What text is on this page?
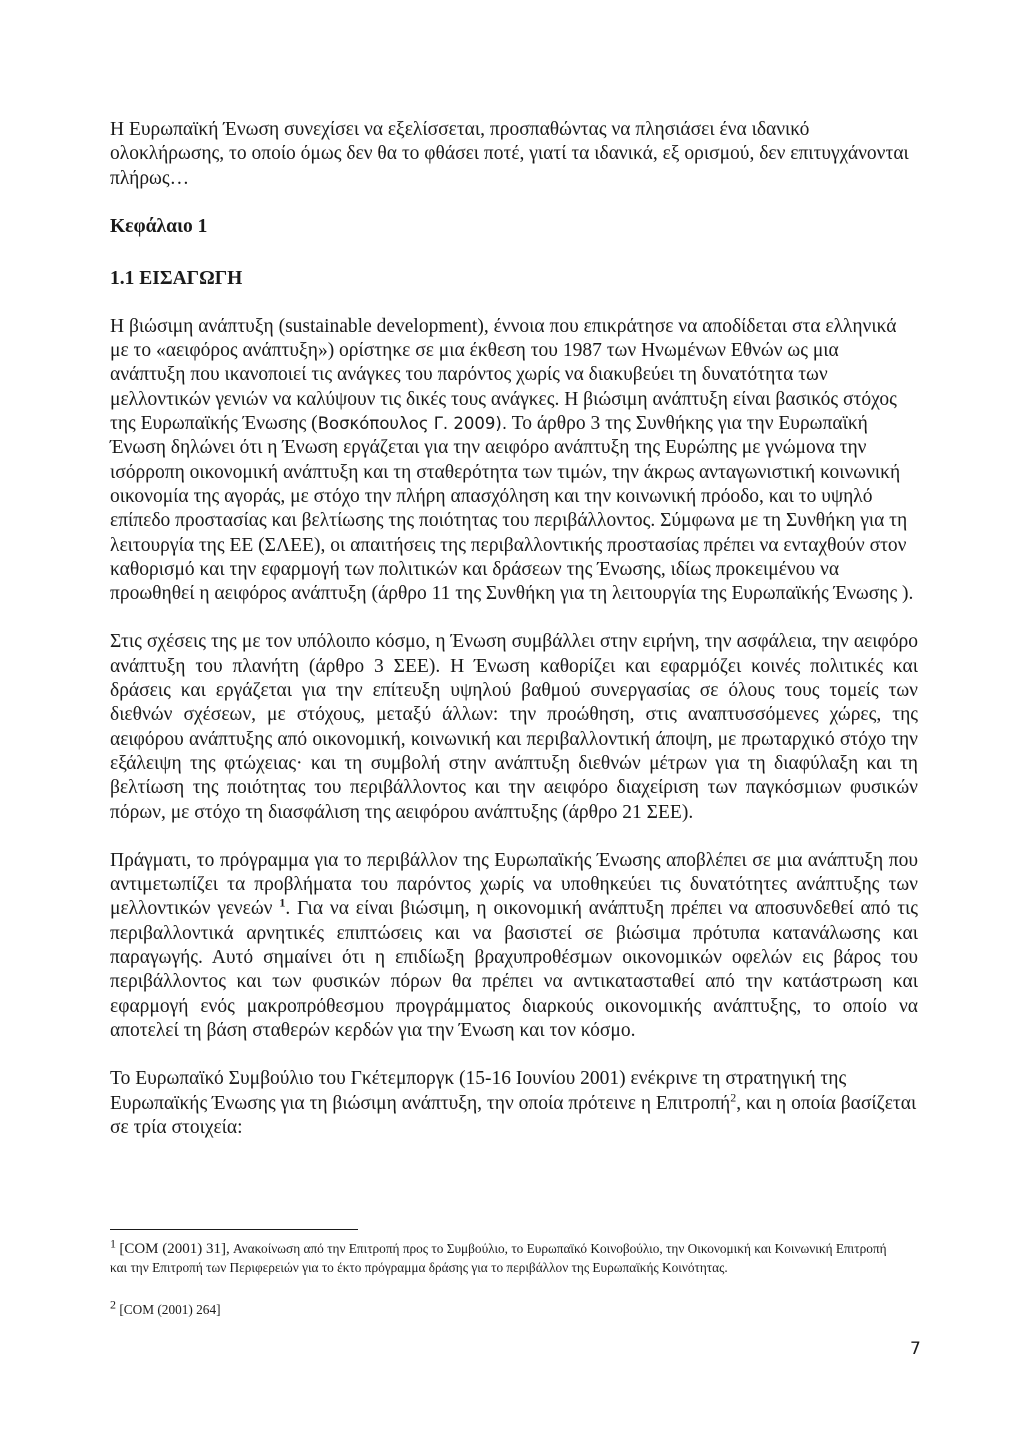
Η Ευρωπαϊκή Ένωση συνεχίσει να εξελίσσεται, προσπαθώντας να πλησιάσει ένα ιδανικό ολοκλήρωσης, το οποίο όμως δεν θα το φθάσει ποτέ, γιατί τα ιδανικά, εξ ορισμού, δεν επιτυγχάνονται πλήρως…

Κεφάλαιο 1

1.1 ΕΙΣΑΓΩΓΗ

Η βιώσιμη ανάπτυξη (sustainable development), έννοια που επικράτησε να αποδίδεται στα ελληνικά με το «αειφόρος ανάπτυξη») ορίστηκε σε μια έκθεση του 1987 των Ηνωμένων Εθνών ως μια ανάπτυξη που ικανοποιεί τις ανάγκες του παρόντος χωρίς να διακυβεύει τη δυνατότητα των μελλοντικών γενιών να καλύψουν τις δικές τους ανάγκες. Η βιώσιμη ανάπτυξη είναι βασικός στόχος της Ευρωπαϊκής Ένωσης (Βοσκόπουλος Γ. 2009). Το άρθρο 3 της Συνθήκης για την Ευρωπαϊκή Ένωση δηλώνει ότι η Ένωση εργάζεται για την αειφόρο ανάπτυξη της Ευρώπης με γνώμονα την ισόρροπη οικονομική ανάπτυξη και τη σταθερότητα των τιμών, την άκρως ανταγωνιστική κοινωνική οικονομία της αγοράς, με στόχο την πλήρη απασχόληση και την κοινωνική πρόοδο, και το υψηλό επίπεδο προστασίας και βελτίωσης της ποιότητας του περιβάλλοντος. Σύμφωνα με τη Συνθήκη για τη λειτουργία της ΕΕ (ΣΛΕΕ), οι απαιτήσεις της περιβαλλοντικής προστασίας πρέπει να ενταχθούν στον καθορισμό και την εφαρμογή των πολιτικών και δράσεων της Ένωσης, ιδίως προκειμένου να προωθηθεί η αειφόρος ανάπτυξη (άρθρο 11 της Συνθήκη για τη λειτουργία της Ευρωπαϊκής Ένωσης ).

Στις σχέσεις της με τον υπόλοιπο κόσμο, η Ένωση συμβάλλει στην ειρήνη, την ασφάλεια, την αειφόρο ανάπτυξη του πλανήτη (άρθρο 3 ΣΕΕ). Η Ένωση καθορίζει και εφαρμόζει κοινές πολιτικές και δράσεις και εργάζεται για την επίτευξη υψηλού βαθμού συνεργασίας σε όλους τους τομείς των διεθνών σχέσεων, με στόχους, μεταξύ άλλων: την προώθηση, στις αναπτυσσόμενες χώρες, της αειφόρου ανάπτυξης από οικονομική, κοινωνική και περιβαλλοντική άποψη, με πρωταρχικό στόχο την εξάλειψη της φτώχειας· και τη συμβολή στην ανάπτυξη διεθνών μέτρων για τη διαφύλαξη και τη βελτίωση της ποιότητας του περιβάλλοντος και την αειφόρο διαχείριση των παγκόσμιων φυσικών πόρων, με στόχο τη διασφάλιση της αειφόρου ανάπτυξης (άρθρο 21 ΣΕΕ).

Πράγματι, το πρόγραμμα για το περιβάλλον της Ευρωπαϊκής Ένωσης αποβλέπει σε μια ανάπτυξη που αντιμετωπίζει τα προβλήματα του παρόντος χωρίς να υποθηκεύει τις δυνατότητες ανάπτυξης των μελλοντικών γενεών $^1$. Για να είναι βιώσιμη, η οικονομική ανάπτυξη πρέπει να αποσυνδεθεί από τις περιβαλλοντικά αρνητικές επιπτώσεις και να βασιστεί σε βιώσιμα πρότυπα κατανάλωσης και παραγωγής. Αυτό σημαίνει ότι η επιδίωξη βραχυπροθέσμων οικονομικών οφελών εις βάρος του περιβάλλοντος και των φυσικών πόρων θα πρέπει να αντικατασταθεί από την κατάστρωση και εφαρμογή ενός μακροπρόθεσμου προγράμματος διαρκούς οικονομικής ανάπτυξης, το οποίο να αποτελεί τη βάση σταθερών κερδών για την Ένωση και τον κόσμο.

Το Ευρωπαϊκό Συμβούλιο του Γκέτεμποργκ (15-16 Ιουνίου 2001) ενέκρινε τη στρατηγική της Ευρωπαϊκής Ένωσης για τη βιώσιμη ανάπτυξη, την οποία πρότεινε η Επιτροπή$^2$, και η οποία βασίζεται σε τρία στοιχεία:

$^1$ [COM (2001) 31], Ανακοίνωση από την Επιτροπή προς το Συμβούλιο, το Ευρωπαϊκό Κοινοβούλιο, την Οικονομική και Κοινωνική Επιτροπή και την Επιτροπή των Περιφερειών για το έκτο πρόγραμμα δράσης για το περιβάλλον της Ευρωπαϊκής Κοινότητας.

$^2$ [COM (2001) 264]

7
